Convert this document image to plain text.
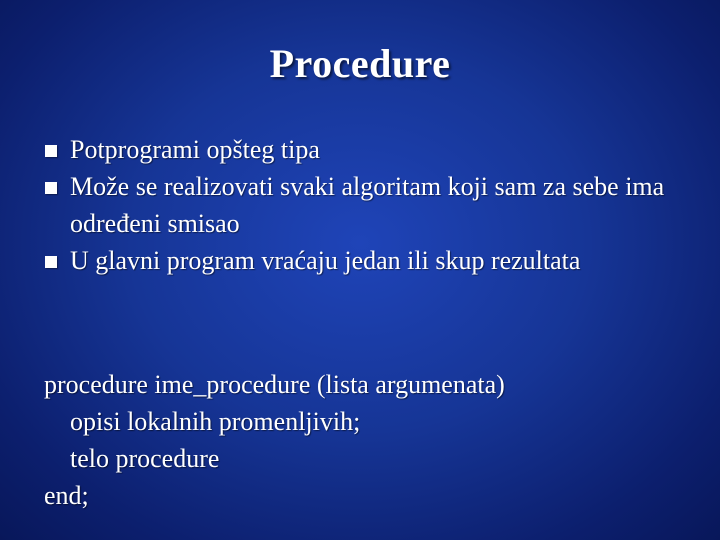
Procedure
Potprogrami opšteg tipa
Može se realizovati svaki algoritam koji sam za sebe ima određeni smisao
U glavni program vraćaju jedan ili skup rezultata
procedure ime_procedure (lista argumenata)
opisi lokalnih promenljivih;
telo procedure
end;
